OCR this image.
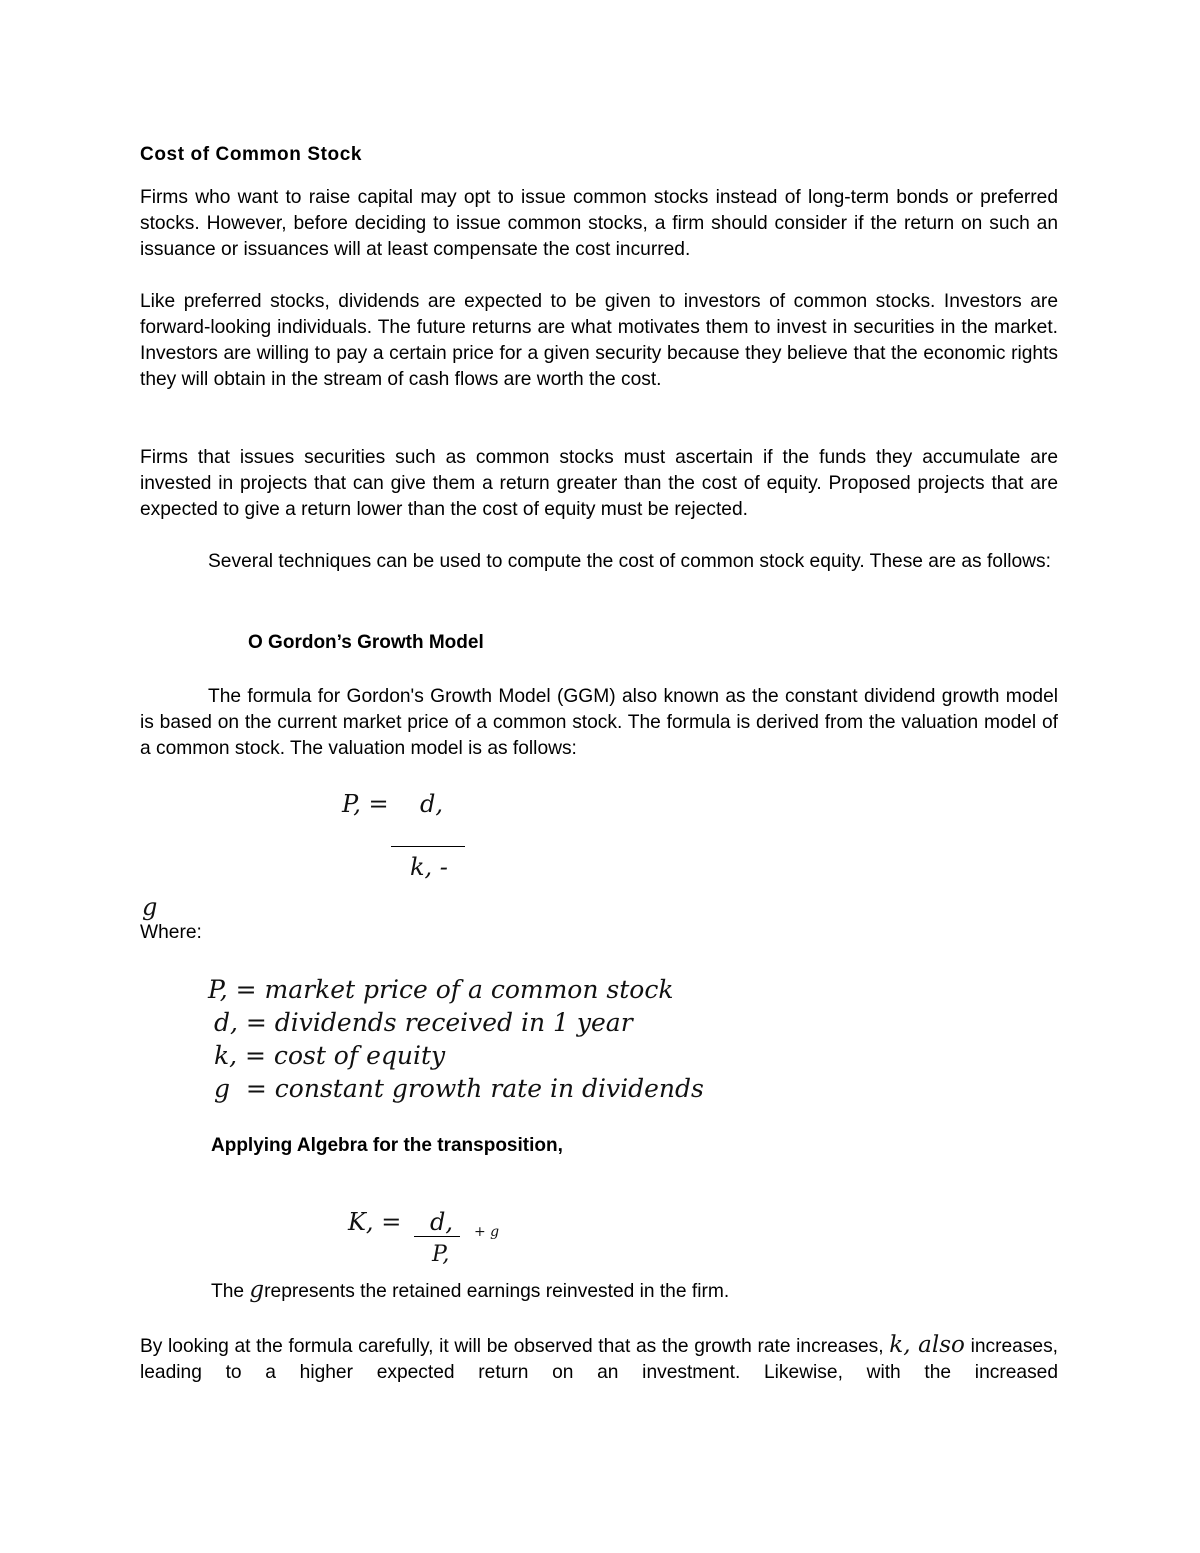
Cost of Common Stock

Firms who want to raise capital may opt to issue common stocks instead of long-term bonds or preferred stocks. However, before deciding to issue common stocks, a firm should consider if the return on such an issuance or issuances will at least compensate the cost incurred.

Like preferred stocks, dividends are expected to be given to investors of common stocks. Investors are forward-looking individuals. The future returns are what motivates them to invest in securities in the market. Investors are willing to pay a certain price for a given security because they believe that the economic rights they will obtain in the stream of cash flows are worth the cost.

Firms that issues securities such as common stocks must ascertain if the funds they accumulate are invested in projects that can give them a return greater than the cost of equity. Proposed projects that are expected to give a return lower than the cost of equity must be rejected.

Several techniques can be used to compute the cost of common stock equity. These are as follows:

O Gordon’s Growth Model

The formula for Gordon's Growth Model (GGM) also known as the constant dividend growth model is based on the current market price of a common stock. The formula is derived from the valuation model of a common stock. The valuation model is as follows:

P, = d,
k, -
g
Where:
P, = market price of a common stock
d, = dividends received in 1 year
k, = cost of equity
g  = constant growth rate in dividends
Applying Algebra for the transposition,
K, = d, + g
P,
The grepresents the retained earnings reinvested in the firm.

By looking at the formula carefully, it will be observed that as the growth rate increases, k, also increases, leading to a higher expected return on an investment. Likewise, with the increased
